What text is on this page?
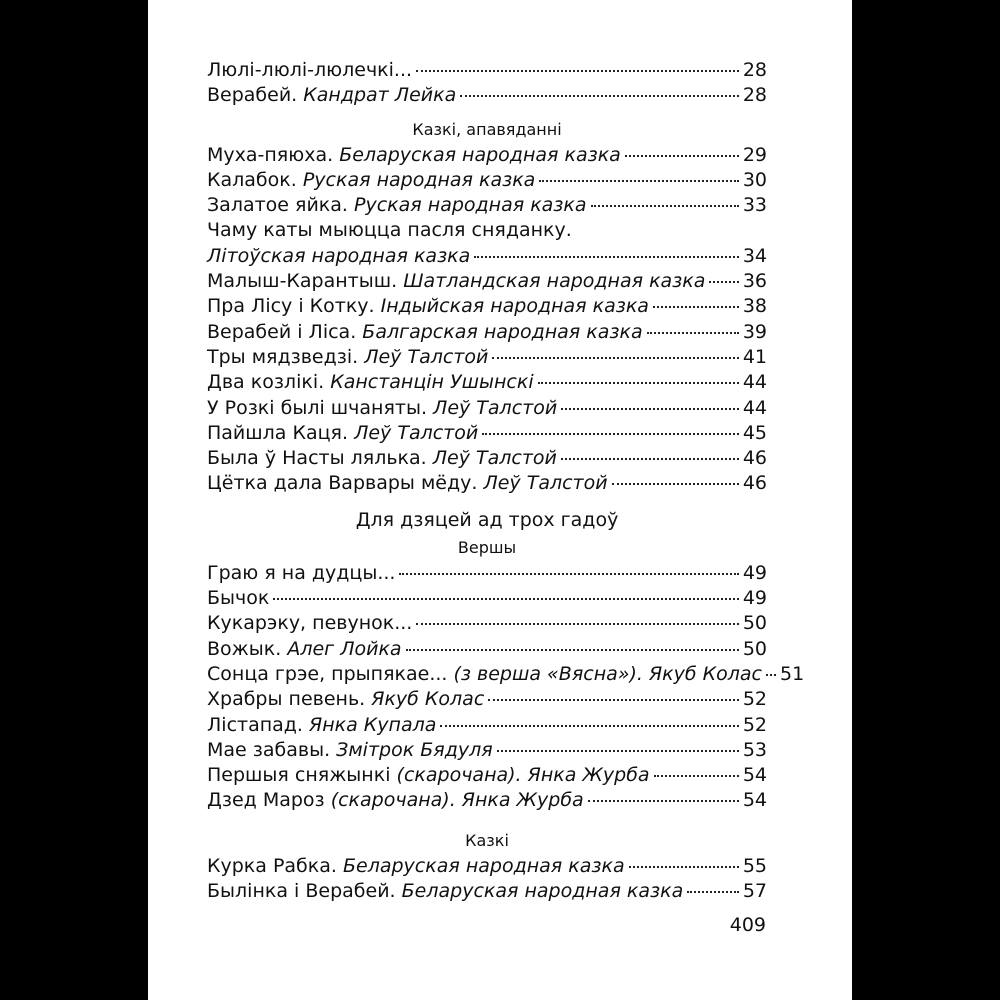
Люлі-люлі-люлечкі...	28
Верабей. Кандрат Лейка	28
Казкі, апавяданні
Муха-пяюха. Беларуская народная казка	29
Калабок. Руская народная казка	30
Залатое яйка. Руская народная казка	33
Чаму каты мыюцца пасля сняданку.
Літоўская народная казка	34
Малыш-Карантыш. Шатландская народная казка 36
Пра Лісу і Котку. Індыйская народная казка	38
Верабей і Ліса. Балгарская народная казка	39
Тры мядзведзі. Леў Талстой	41
Два козлікі. Канстанцін Ушынскі	44
У Розкі былі шчаняты. Леў Талстой	44
Пайшла Каця. Леў Талстой	45
Была ў Насты лялька. Леў Талстой	46
Цётка дала Варвары мёду. Леў Талстой	46
Для дзяцей ад трох гадоў
Вершы
Граю я на дудцы...	49
Бычок	49
Кукарэку, певунок...	50
Вожык. Алег Лойка	50
Сонца грэе, прыпякае... (з верша «Вясна»). Якуб Колас 51
Храбры певень. Якуб Колас	52
Лістапад. Янка Купала	52
Мае забавы. Змітрок Бядуля	53
Першыя сняжынкі (скарочана). Янка Журба	54
Дзед Мароз (скарочана). Янка Журба	54
Казкі
Курка Рабка. Беларуская народная казка	55
Былінка і Верабей. Беларуская народная казка	57
409
